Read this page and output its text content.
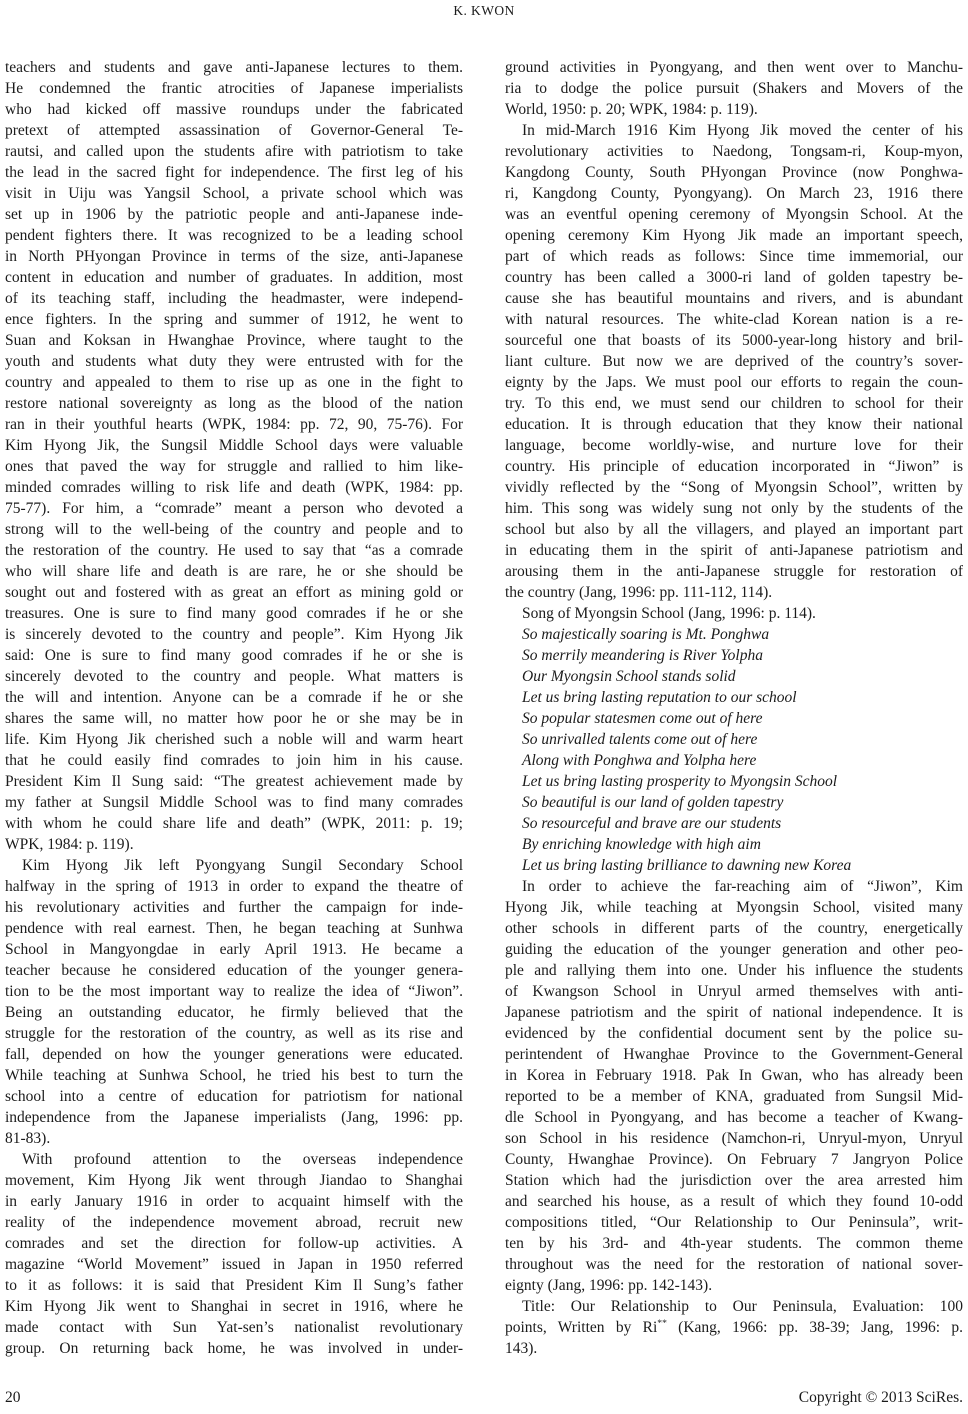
K. KWON
teachers and students and gave anti-Japanese lectures to them.
He condemned the frantic atrocities of Japanese imperialists
who had kicked off massive roundups under the fabricated
pretext of attempted assassination of Governor-General Te-
rautsi, and called upon the students afire with patriotism to take
the lead in the sacred fight for independence. The first leg of his
visit in Uiju was Yangsil School, a private school which was
set up in 1906 by the patriotic people and anti-Japanese inde-
pendent fighters there. It was recognized to be a leading school
in North PHyongan Province in terms of the size, anti-Japanese
content in education and number of graduates. In addition, most
of its teaching staff, including the headmaster, were independ-
ence fighters. In the spring and summer of 1912, he went to
Suan and Koksan in Hwanghae Province, where taught to the
youth and students what duty they were entrusted with for the
country and appealed to them to rise up as one in the fight to
restore national sovereignty as long as the blood of the nation
ran in their youthful hearts (WPK, 1984: pp. 72, 90, 75-76). For
Kim Hyong Jik, the Sungsil Middle School days were valuable
ones that paved the way for struggle and rallied to him like-
minded comrades willing to risk life and death (WPK, 1984: pp.
75-77). For him, a “comrade” meant a person who devoted a
strong will to the well-being of the country and people and to
the restoration of the country. He used to say that “as a comrade
who will share life and death is are rare, he or she should be
sought out and fostered with as great an effort as mining gold or
treasures. One is sure to find many good comrades if he or she
is sincerely devoted to the country and people”. Kim Hyong Jik
said: One is sure to find many good comrades if he or she is
sincerely devoted to the country and people. What matters is
the will and intention. Anyone can be a comrade if he or she
shares the same will, no matter how poor he or she may be in
life. Kim Hyong Jik cherished such a noble will and warm heart
that he could easily find comrades to join him in his cause.
President Kim Il Sung said: “The greatest achievement made by
my father at Sungsil Middle School was to find many comrades
with whom he could share life and death” (WPK, 2011: p. 19;
WPK, 1984: p. 119).
Kim Hyong Jik left Pyongyang Sungil Secondary School
halfway in the spring of 1913 in order to expand the theatre of
his revolutionary activities and further the campaign for inde-
pendence with real earnest. Then, he began teaching at Sunhwa
School in Mangyongdae in early April 1913. He became a
teacher because he considered education of the younger genera-
tion to be the most important way to realize the idea of “Jiwon”.
Being an outstanding educator, he firmly believed that the
struggle for the restoration of the country, as well as its rise and
fall, depended on how the younger generations were educated.
While teaching at Sunhwa School, he tried his best to turn the
school into a centre of education for patriotism for national
independence from the Japanese imperialists (Jang, 1996: pp.
81-83).
With profound attention to the overseas independence
movement, Kim Hyong Jik went through Jiandao to Shanghai
in early January 1916 in order to acquaint himself with the
reality of the independence movement abroad, recruit new
comrades and set the direction for follow-up activities. A
magazine “World Movement” issued in Japan in 1950 referred
to it as follows: it is said that President Kim Il Sung’s father
Kim Hyong Jik went to Shanghai in secret in 1916, where he
made contact with Sun Yat-sen’s nationalist revolutionary
group. On returning back home, he was involved in under-
ground activities in Pyongyang, and then went over to Manchu-
ria to dodge the police pursuit (Shakers and Movers of the
World, 1950: p. 20; WPK, 1984: p. 119).
In mid-March 1916 Kim Hyong Jik moved the center of his
revolutionary activities to Naedong, Tongsam-ri, Koup-myon,
Kangdong County, South PHyongan Province (now Ponghwa-
ri, Kangdong County, Pyongyang). On March 23, 1916 there
was an eventful opening ceremony of Myongsin School. At the
opening ceremony Kim Hyong Jik made an important speech,
part of which reads as follows: Since time immemorial, our
country has been called a 3000-ri land of golden tapestry be-
cause she has beautiful mountains and rivers, and is abundant
with natural resources. The white-clad Korean nation is a re-
sourceful one that boasts of its 5000-year-long history and bril-
liant culture. But now we are deprived of the country’s sover-
eignty by the Japs. We must pool our efforts to regain the coun-
try. To this end, we must send our children to school for their
education. It is through education that they know their national
language, become worldly-wise, and nurture love for their
country. His principle of education incorporated in “Jiwon” is
vividly reflected by the “Song of Myongsin School”, written by
him. This song was widely sung not only by the students of the
school but also by all the villagers, and played an important part
in educating them in the spirit of anti-Japanese patriotism and
arousing them in the anti-Japanese struggle for restoration of
the country (Jang, 1996: pp. 111-112, 114).
Song of Myongsin School (Jang, 1996: p. 114).
So majestically soaring is Mt. Ponghwa
So merrily meandering is River Yolpha
Our Myongsin School stands solid
Let us bring lasting reputation to our school
So popular statesmen come out of here
So unrivalled talents come out of here
Along with Ponghwa and Yolpha here
Let us bring lasting prosperity to Myongsin School
So beautiful is our land of golden tapestry
So resourceful and brave are our students
By enriching knowledge with high aim
Let us bring lasting brilliance to dawning new Korea
In order to achieve the far-reaching aim of “Jiwon”, Kim
Hyong Jik, while teaching at Myongsin School, visited many
other schools in different parts of the country, energetically
guiding the education of the younger generation and other peo-
ple and rallying them into one. Under his influence the students
of Kwangson School in Unryul armed themselves with anti-
Japanese patriotism and the spirit of national independence. It is
evidenced by the confidential document sent by the police su-
perintendent of Hwanghae Province to the Government-General
in Korea in February 1918. Pak In Gwan, who has already been
reported to be a member of KNA, graduated from Sungsil Mid-
dle School in Pyongyang, and has become a teacher of Kwang-
son School in his residence (Namchon-ri, Unryul-myon, Unryul
County, Hwanghae Province). On February 7 Jangryon Police
Station which had the jurisdiction over the area arrested him
and searched his house, as a result of which they found 10-odd
compositions titled, “Our Relationship to Our Peninsula”, writ-
ten by his 3rd- and 4th-year students. The common theme
throughout was the need for the restoration of national sover-
eignty (Jang, 1996: pp. 142-143).
Title: Our Relationship to Our Peninsula, Evaluation: 100
points, Written by Ri** (Kang, 1966: pp. 38-39; Jang, 1996: p.
143).
20	Copyright © 2013 SciRes.
